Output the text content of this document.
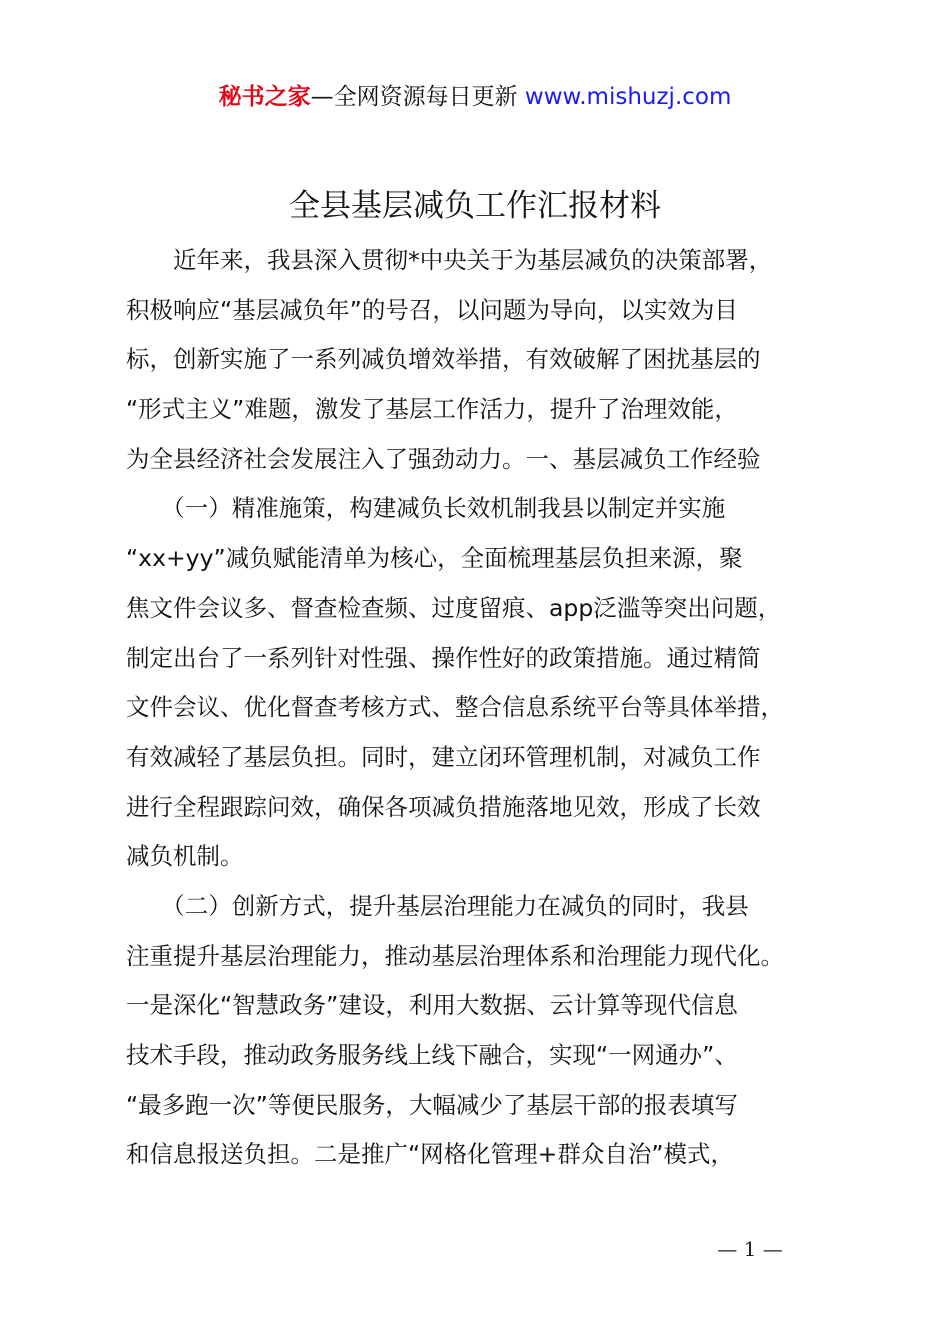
秘书之家—全网资源每日更新 www.mishuzj.com
全县基层减负工作汇报材料
　　近年来，我县深入贯彻*中央关于为基层减负的决策部署，
积极响应“基层减负年”的号召，以问题为导向，以实效为目
标，创新实施了一系列减负增效举措，有效破解了困扰基层的
“形式主义”难题，激发了基层工作活力，提升了治理效能，
为全县经济社会发展注入了强劲动力。一、基层减负工作经验
　　（一）精准施策，构建减负长效机制我县以制定并实施
“xx+yy”减负赋能清单为核心，全面梳理基层负担来源，聚
焦文件会议多、督查检查频、过度留痕、app泛滥等突出问题，
制定出台了一系列针对性强、操作性好的政策措施。通过精简
文件会议、优化督查考核方式、整合信息系统平台等具体举措，
有效减轻了基层负担。同时，建立闭环管理机制，对减负工作
进行全程跟踪问效，确保各项减负措施落地见效，形成了长效
减负机制。
　　（二）创新方式，提升基层治理能力在减负的同时，我县
注重提升基层治理能力，推动基层治理体系和治理能力现代化。
一是深化“智慧政务”建设，利用大数据、云计算等现代信息
技术手段，推动政务服务线上线下融合，实现“一网通办”、
“最多跑一次”等便民服务，大幅减少了基层干部的报表填写
和信息报送负担。二是推广“网格化管理+群众自治”模式，
— 1 —
